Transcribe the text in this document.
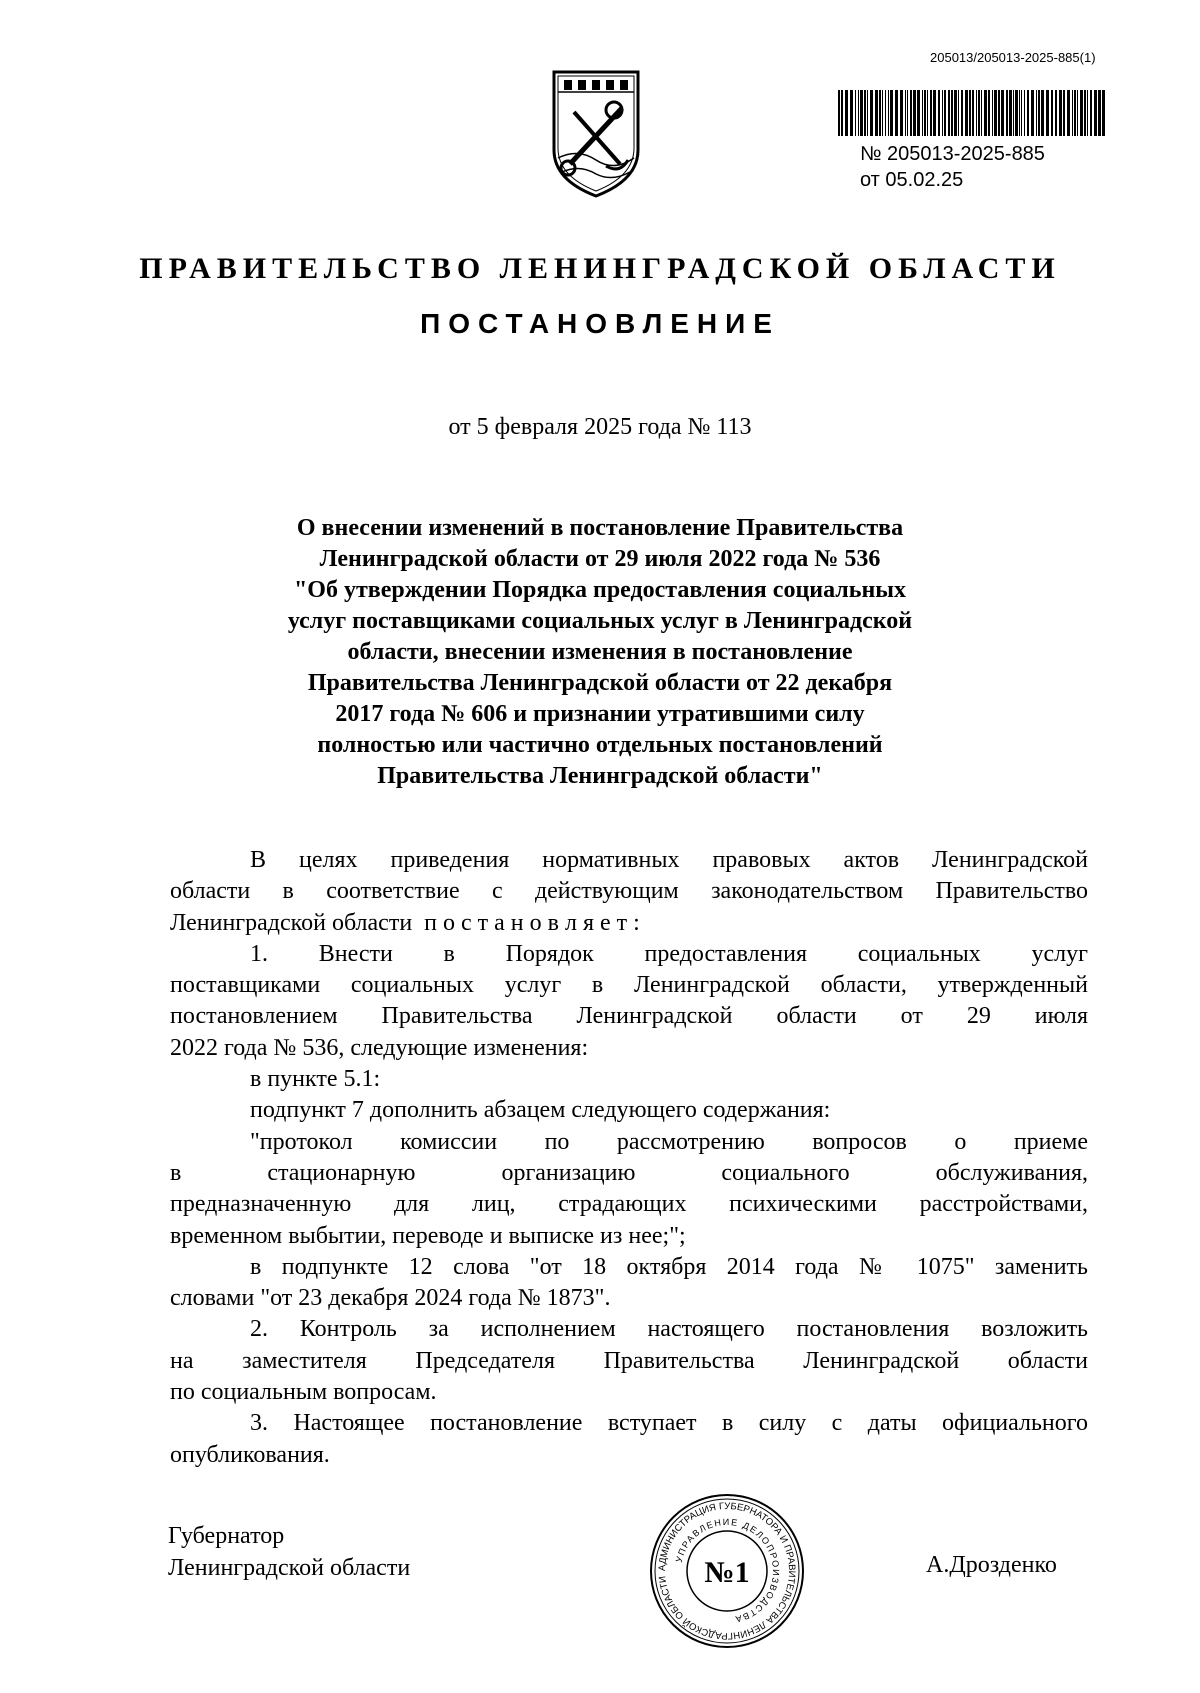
205013/205013-2025-885(1)
№ 205013-2025-885
от 05.02.25
ПРАВИТЕЛЬСТВО ЛЕНИНГРАДСКОЙ ОБЛАСТИ
ПОСТАНОВЛЕНИЕ
от 5 февраля 2025 года № 113
О внесении изменений в постановление Правительства
Ленинградской области от 29 июля 2022 года № 536
"Об утверждении Порядка предоставления социальных
услуг поставщиками социальных услуг в Ленинградской
области, внесении изменения в постановление
Правительства Ленинградской области от 22 декабря
2017 года № 606 и признании утратившими силу
полностью или частично отдельных постановлений
Правительства Ленинградской области"

В целях приведения нормативных правовых актов Ленинградской

области в соответствие с действующим законодательством Правительство

Ленинградской области  п о с т а н о в л я е т :

1. Внести в Порядок предоставления социальных услуг

поставщиками социальных услуг в Ленинградской области, утвержденный

постановлением Правительства Ленинградской области от 29 июля

2022 года № 536, следующие изменения:

в пункте 5.1:

подпункт 7 дополнить абзацем следующего содержания:

"протокол комиссии по рассмотрению вопросов о приеме

в стационарную организацию социального обслуживания,

предназначенную для лиц, страдающих психическими расстройствами,

временном выбытии, переводе и выписке из нее;";

в подпункте 12 слова "от 18 октября 2014 года № 1075" заменить

словами "от 23 декабря 2024 года № 1873".

2. Контроль за исполнением настоящего постановления возложить

на заместителя Председателя Правительства Ленинградской области

по социальным вопросам.

3. Настоящее постановление вступает в силу с даты официального

опубликования.

Губернатор
Ленинградской области	А.Дрозденко
АДМИНИСТРАЦИЯ ГУБЕРНАТОРА И ПРАВИТЕЛЬСТВА ЛЕНИНГРАДСКОЙ ОБЛАСТИ
УПРАВЛЕНИЕ ДЕЛОПРОИЗВОДСТВА
№1
